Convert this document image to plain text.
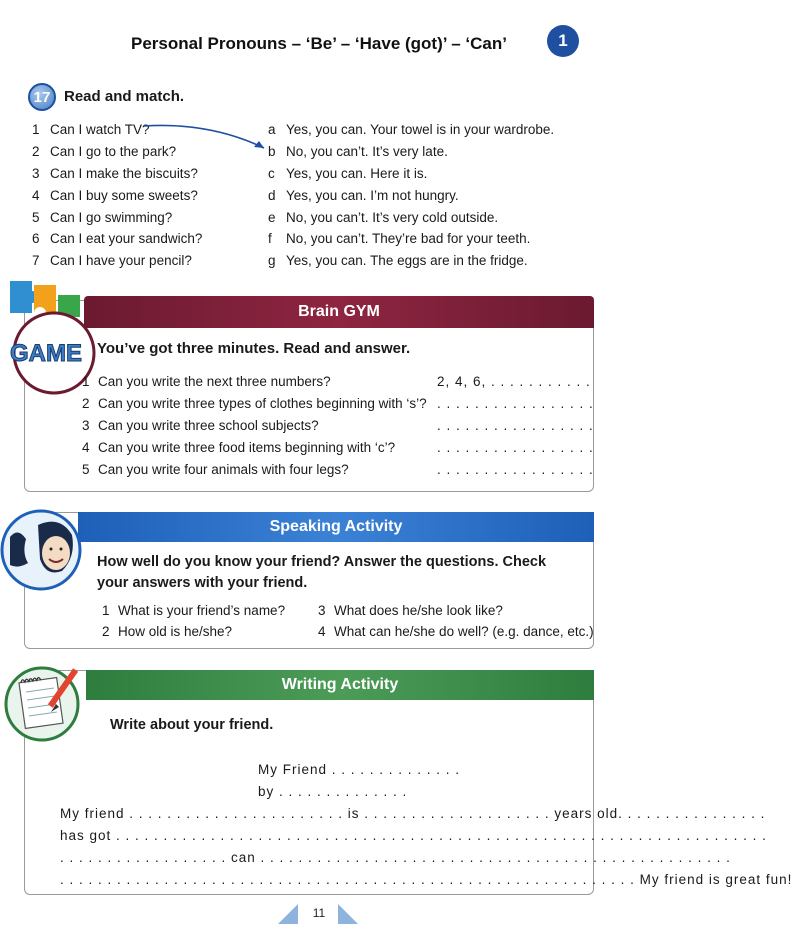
Personal Pronouns – ‘Be’ – ‘Have (got)’ – ‘Can’	1
17 Read and match.
1 Can I watch TV?
2 Can I go to the park?
3 Can I make the biscuits?
4 Can I buy some sweets?
5 Can I go swimming?
6 Can I eat your sandwich?
7 Can I have your pencil?
a Yes, you can. Your towel is in your wardrobe.
b No, you can’t. It’s very late.
c Yes, you can. Here it is.
d Yes, you can. I’m not hungry.
e No, you can’t. It’s very cold outside.
f No, you can’t. They’re bad for your teeth.
g Yes, you can. The eggs are in the fridge.
Brain GYM
GAME You’ve got three minutes. Read and answer.
1 Can you write the next three numbers?
2 Can you write three types of clothes beginning with ‘s’?
3 Can you write three school subjects?
4 Can you write three food items beginning with ‘c’?
5 Can you write four animals with four legs?
2, 4, 6, . . . . . . . . . . .
. . . . . . . . . . . . . . . . .
. . . . . . . . . . . . . . . . .
. . . . . . . . . . . . . . . . .
. . . . . . . . . . . . . . . . .
Speaking Activity
How well do you know your friend? Answer the questions. Check your answers with your friend.
1 What is your friend’s name?
2 How old is he/she?
3 What does he/she look like?
4 What can he/she do well? (e.g. dance, etc.)
Writing Activity
Write about your friend.
My Friend . . . . . . . . . . . . . .
by . . . . . . . . . . . . . .
My friend . . . . . . . . . . . . . . . . . . . . . . . is . . . . . . . . . . . . . . . . . . . . years old. . . . . . . . . . . . . . . .
has got . . . . . . . . . . . . . . . . . . . . . . . . . . . . . . . . . . . . . . . . . . . . . . . . . . . . . . . . . . . . . . . . . . . . .
. . . . . . . . . . . . . . . . . . can . . . . . . . . . . . . . . . . . . . . . . . . . . . . . . . . . . . . . . . . . . . . . . . . . .
. . . . . . . . . . . . . . . . . . . . . . . . . . . . . . . . . . . . . . . . . . . . . . . . . . . . . . . . . . . . . My friend is great fun!
11
